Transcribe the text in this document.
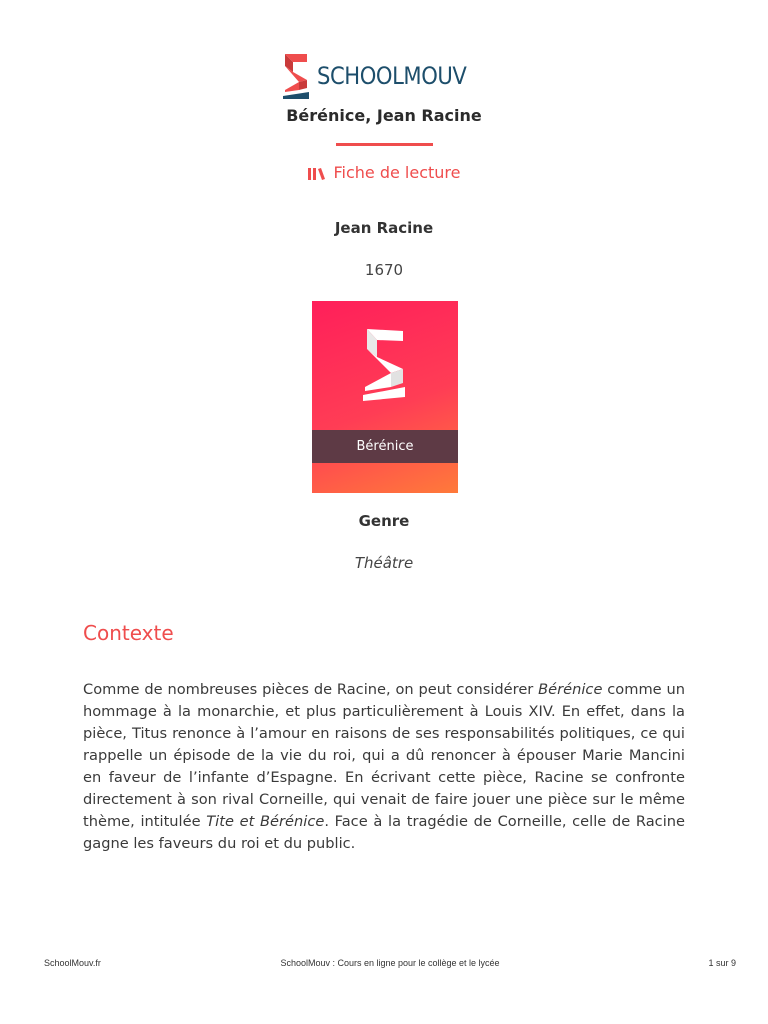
SCHOOLMOUV
Bérénice, Jean Racine
Fiche de lecture
Jean Racine
1670
Bérénice
Genre
Théâtre
Contexte

Comme de nombreuses pièces de Racine, on peut considérer Bérénice comme un hommage à la monarchie, et plus particulièrement à Louis XIV. En effet, dans la pièce, Titus renonce à l’amour en raisons de ses responsabilités politiques, ce qui rappelle un épisode de la vie du roi, qui a dû renoncer à épouser Marie Mancini en faveur de l’infante d’Espagne. En écrivant cette pièce, Racine se confronte directement à son rival Corneille, qui venait de faire jouer une pièce sur le même thème, intitulée Tite et Bérénice. Face à la tragédie de Corneille, celle de Racine gagne les faveurs du roi et du public.

SchoolMouv.fr	SchoolMouv : Cours en ligne pour le collège et le lycée	1 sur 9
